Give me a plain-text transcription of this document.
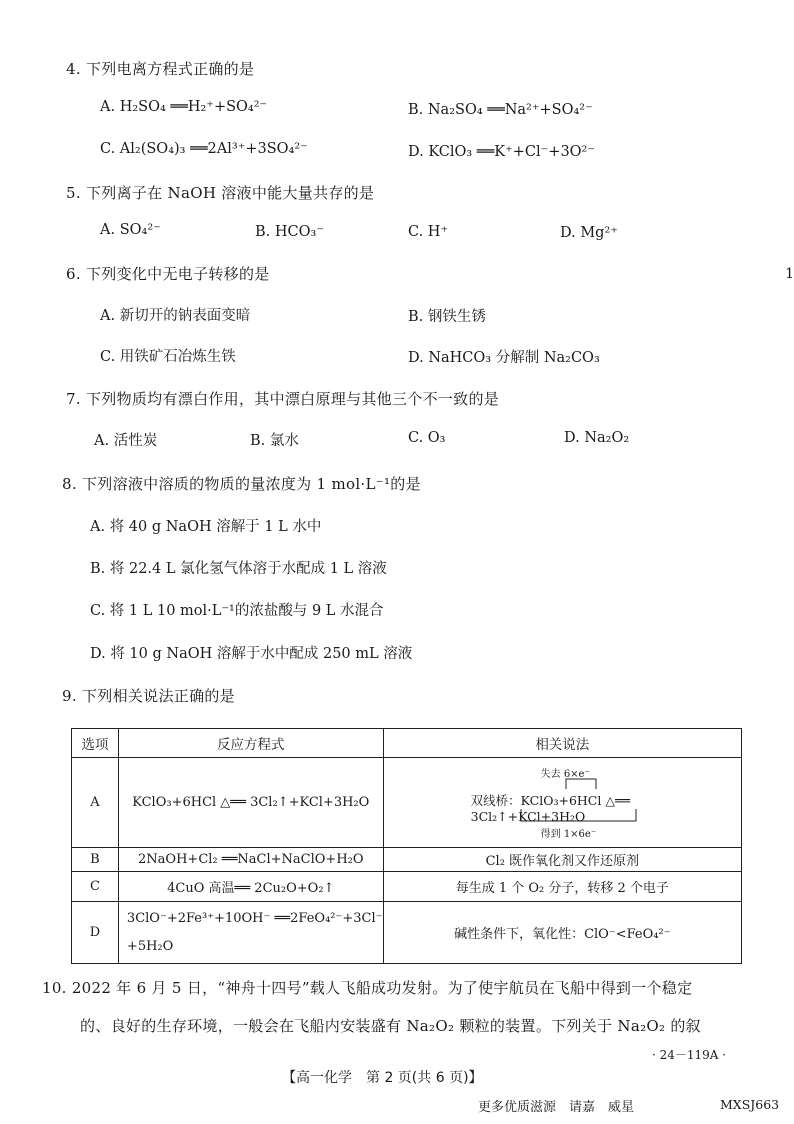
4. 下列电离方程式正确的是
A. H₂SO₄ ══H₂⁺+SO₄²⁻	B. Na₂SO₄ ══Na²⁺+SO₄²⁻
C. Al₂(SO₄)₃ ══2Al³⁺+3SO₄²⁻	D. KClO₃ ══K⁺+Cl⁻+3O²⁻
5. 下列离子在 NaOH 溶液中能大量共存的是
A. SO₄²⁻	B. HCO₃⁻	C. H⁺	D. Mg²⁺
6. 下列变化中无电子转移的是	1
A. 新切开的钠表面变暗	B. 钢铁生锈
C. 用铁矿石冶炼生铁	D. NaHCO₃ 分解制 Na₂CO₃
7. 下列物质均有漂白作用，其中漂白原理与其他三个不一致的是
A. 活性炭	B. 氯水	C. O₃	D. Na₂O₂
8. 下列溶液中溶质的物质的量浓度为 1 mol·L⁻¹的是
A. 将 40 g NaOH 溶解于 1 L 水中
B. 将 22.4 L 氯化氢气体溶于水配成 1 L 溶液
C. 将 1 L 10 mol·L⁻¹的浓盐酸与 9 L 水混合
D. 将 10 g NaOH 溶解于水中配成 250 mL 溶液
9. 下列相关说法正确的是
选项	反应方程式	相关说法
A	KClO₃+6HCl △══ 3Cl₂↑+KCl+3H₂O	失去 6×e⁻
双线桥：KClO₃+6HCl △══ 3Cl₂↑+KCl+3H₂O
得到 1×6e⁻

B	2NaOH+Cl₂ ══NaCl+NaClO+H₂O	Cl₂ 既作氧化剂又作还原剂
C	4CuO 高温══ 2Cu₂O+O₂↑	每生成 1 个 O₂ 分子，转移 2 个电子
D	3ClO⁻+2Fe³⁺+10OH⁻ ══2FeO₄²⁻+3Cl⁻
+5H₂O	碱性条件下，氧化性：ClO⁻<FeO₄²⁻
10. 2022 年 6 月 5 日，“神舟十四号”载人飞船成功发射。为了使宇航员在飞船中得到一个稳定
的、良好的生存环境，一般会在飞船内安装盛有 Na₂O₂ 颗粒的装置。下列关于 Na₂O₂ 的叙
· 24－119A ·
【高一化学　第 2 页(共 6 页)】
更多优质滋源　请嘉　威星	MXSJ663
